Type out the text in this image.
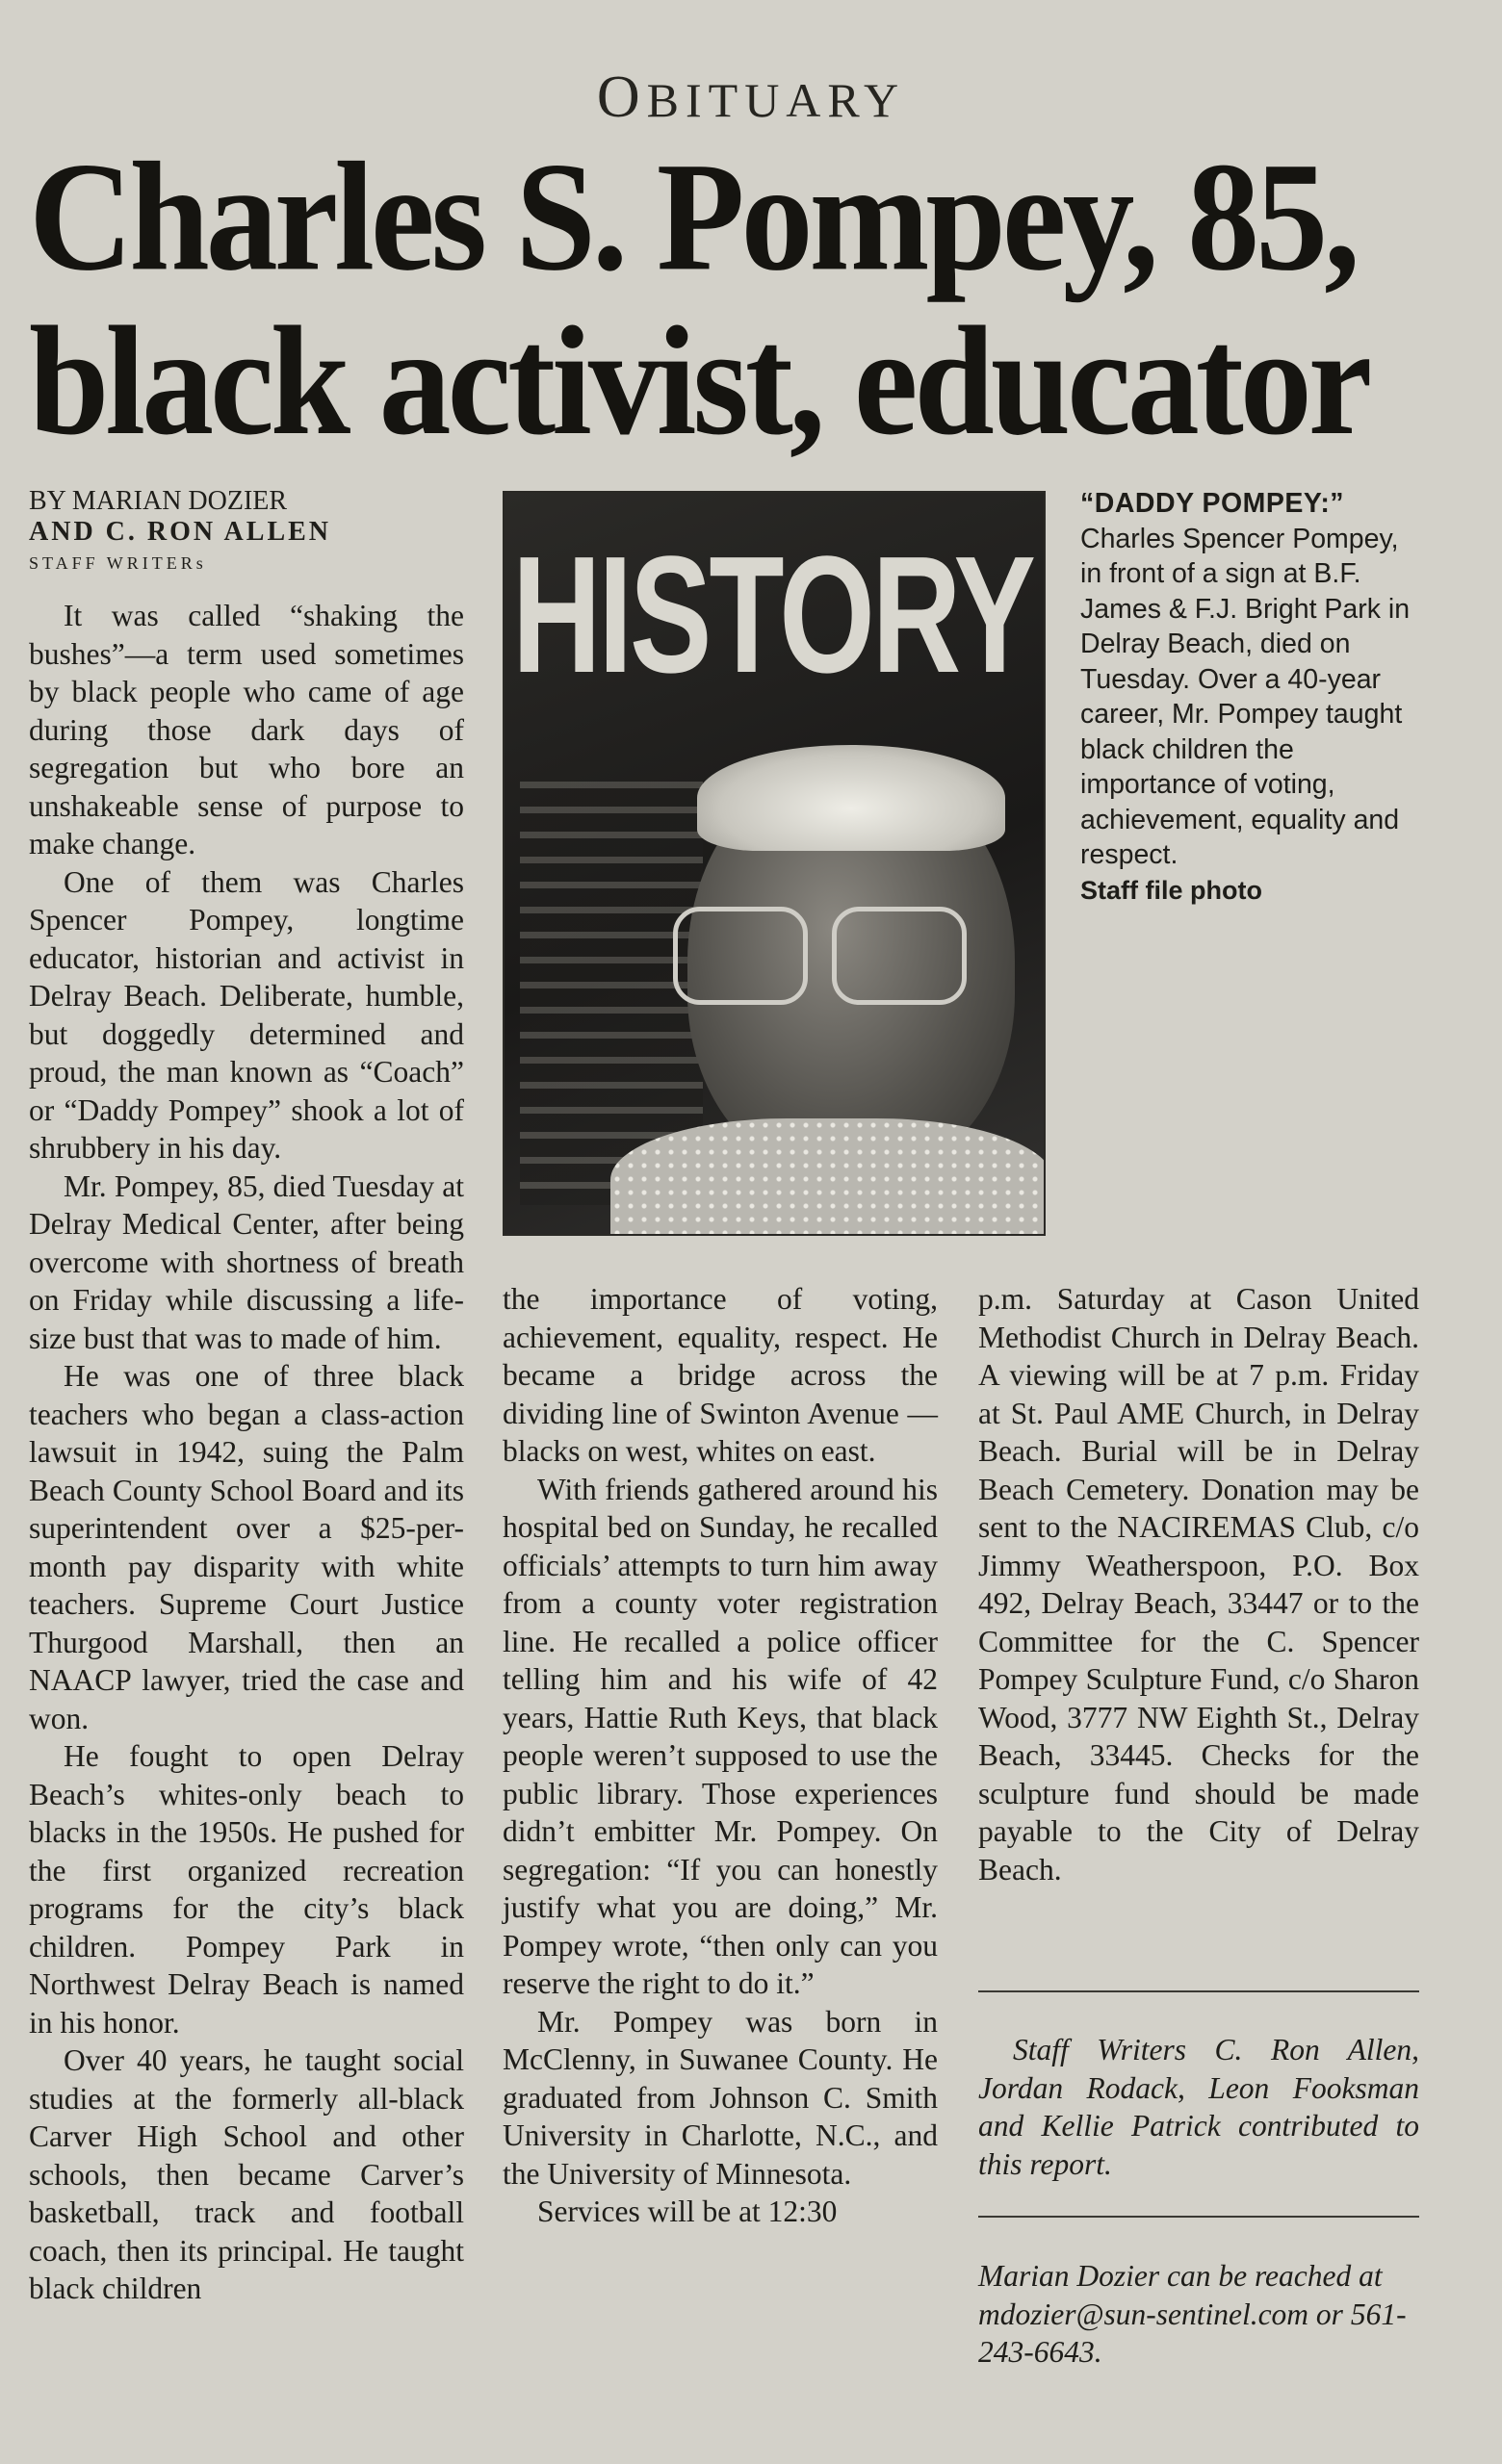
OBITUARY
Charles S. Pompey, 85,
black activist, educator
BY MARIAN DOZIER
AND C. RON ALLEN
STAFF WRITERs	HISTORY
“DADDY POMPEY:”
Charles Spencer Pompey, in front of a sign at B.F. James & F.J. Bright Park in Delray Beach, died on Tuesday. Over a 40-year career, Mr. Pompey taught black children the importance of voting, achievement, equality and respect.
Staff file photo

It was called “shaking the bushes”—a term used sometimes by black people who came of age during those dark days of segregation but who bore an unshakeable sense of purpose to make change.

One of them was Charles Spencer Pompey, longtime educator, historian and activist in Delray Beach. Deliberate, humble, but doggedly determined and proud, the man known as “Coach” or “Daddy Pompey” shook a lot of shrubbery in his day.

Mr. Pompey, 85, died Tuesday at Delray Medical Center, after being overcome with shortness of breath on Friday while discussing a life-size bust that was to made of him.

He was one of three black teachers who began a class-action lawsuit in 1942, suing the Palm Beach County School Board and its superintendent over a $25-per-month pay disparity with white teachers. Supreme Court Justice Thurgood Marshall, then an NAACP lawyer, tried the case and won.

He fought to open Delray Beach’s whites-only beach to blacks in the 1950s. He pushed for the first organized recreation programs for the city’s black children. Pompey Park in Northwest Delray Beach is named in his honor.

Over 40 years, he taught social studies at the formerly all-black Carver High School and other schools, then became Carver’s basketball, track and football coach, then its principal. He taught black children

the importance of voting, achievement, equality, respect. He became a bridge across the dividing line of Swinton Avenue — blacks on west, whites on east.

With friends gathered around his hospital bed on Sunday, he recalled officials’ attempts to turn him away from a county voter registration line. He recalled a police officer telling him and his wife of 42 years, Hattie Ruth Keys, that black people weren’t supposed to use the public library. Those experiences didn’t embitter Mr. Pompey. On segregation: “If you can honestly justify what you are doing,” Mr. Pompey wrote, “then only can you reserve the right to do it.”

Mr. Pompey was born in McClenny, in Suwanee County. He graduated from Johnson C. Smith University in Charlotte, N.C., and the University of Minnesota.

Services will be at 12:30

p.m. Saturday at Cason United Methodist Church in Delray Beach. A viewing will be at 7 p.m. Friday at St. Paul AME Church, in Delray Beach. Burial will be in Delray Beach Cemetery. Donation may be sent to the NACIREMAS Club, c/o Jimmy Weatherspoon, P.O. Box 492, Delray Beach, 33447 or to the Committee for the C. Spencer Pompey Sculpture Fund, c/o Sharon Wood, 3777 NW Eighth St., Delray Beach, 33445. Checks for the sculpture fund should be made payable to the City of Delray Beach.

Staff Writers C. Ron Allen, Jordan Rodack, Leon Fooksman and Kellie Patrick contributed to this report.

Marian Dozier can be reached at mdozier@sun-sentinel.com or 561-243-6643.
